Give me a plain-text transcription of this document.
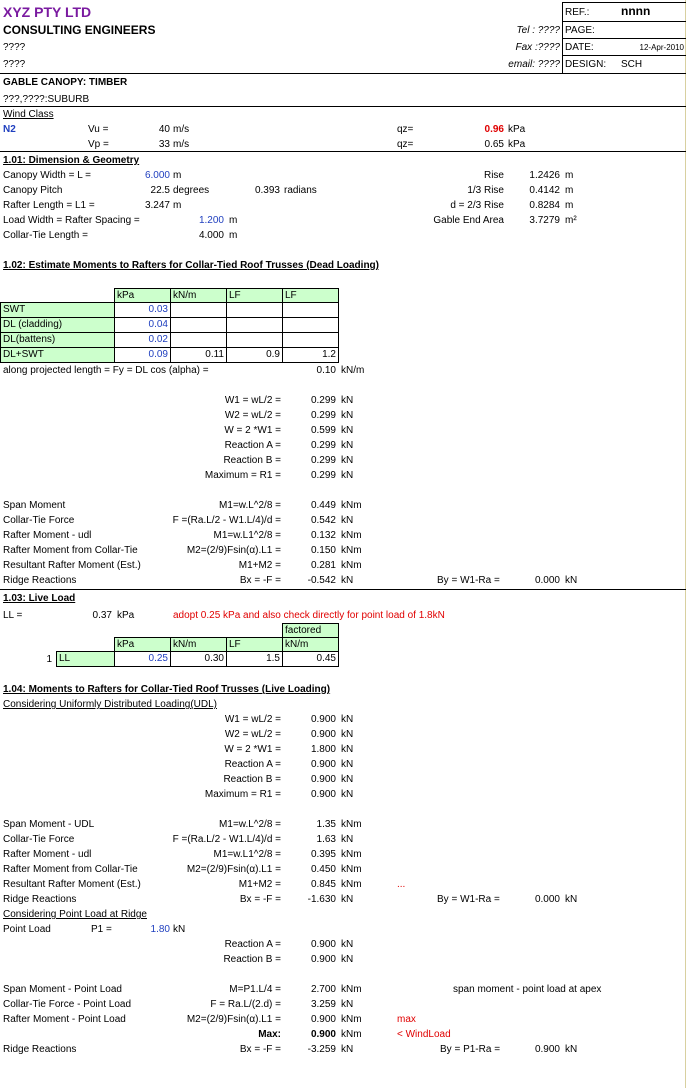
XYZ PTY LTD
CONSULTING ENGINEERS
????
????
Tel : ????
Fax :????
email: ????
REF.:	nnnn
PAGE:
DATE:	12-Apr-2010
DESIGN: SCH
GABLE CANOPY: TIMBER
???,????:SUBURB
Wind Class
N2	Vu =	40 m/s
Vp =	33 m/s
qz=	0.96 kPa
qz=	0.65 kPa
1.01: Dimension & Geometry
Canopy Width = L =	6.000 m
Canopy Pitch	22.5 degrees	0.393 radians
Rafter Length = L1 =	3.247 m
Load Width = Rafter Spacing =	1.200 m
Collar-Tie Length =	4.000 m
Rise	1.2426 m
1/3 Rise	0.4142 m
d = 2/3 Rise	0.8284 m
Gable End Area	3.7279 m²
1.02: Estimate Moments to Rafters for Collar-Tied Roof Trusses (Dead Loading)
kPa	kN/m	LF	LF
SWT	0.03
DL (cladding)	0.04
DL(battens)	0.02
DL+SWT	0.09	0.11	0.9	1.2
along projected length = Fy = DL cos (alpha) =	0.10 kN/m
W1 = wL/2 =	0.299 kN
W2 = wL/2 =	0.299 kN
W = 2 *W1 =	0.599 kN
Reaction A =	0.299 kN
Reaction B =	0.299 kN
Maximum = R1 =	0.299 kN
Span Moment	M1=w.L^2/8 =	0.449 kNm
Collar-Tie Force	F =(Ra.L/2 - W1.L/4)/d =	0.542 kN
Rafter Moment - udl	M1=w.L1^2/8 =	0.132 kNm
Rafter Moment from Collar-Tie	M2=(2/9)Fsin(α).L1 =	0.150 kNm
Resultant Rafter Moment (Est.)	M1+M2 =	0.281 kNm
Ridge Reactions	Bx = -F =	-0.542 kN	By = W1-Ra =	0.000 kN
1.03: Live Load
LL =	0.37 kPa	adopt 0.25 kPa and also check directly for point load of 1.8kN
factored
kPa	kN/m	LF	kN/m
1 LL	0.25	0.30	1.5	0.45
1.04: Moments to Rafters for Collar-Tied Roof Trusses (Live Loading)
Considering Uniformly Distributed Loading(UDL)
W1 = wL/2 =	0.900 kN
W2 = wL/2 =	0.900 kN
W = 2 *W1 =	1.800 kN
Reaction A =	0.900 kN
Reaction B =	0.900 kN
Maximum = R1 =	0.900 kN
Span Moment - UDL	M1=w.L^2/8 =	1.35 kNm
Collar-Tie Force	F =(Ra.L/2 - W1.L/4)/d =	1.63 kN
Rafter Moment - udl	M1=w.L1^2/8 =	0.395 kNm
Rafter Moment from Collar-Tie	M2=(2/9)Fsin(α).L1 =	0.450 kNm
Resultant Rafter Moment (Est.)	M1+M2 =	0.845 kNm	...
Ridge Reactions	Bx = -F =	-1.630 kN	By = W1-Ra =	0.000 kN
Considering Point Load at Ridge
Point Load	P1 =	1.80 kN
Reaction A =	0.900 kN
Reaction B =	0.900 kN
Span Moment - Point Load	M=P1.L/4 =	2.700 kNm	span moment - point load at apex
Collar-Tie Force - Point Load	F = Ra.L/(2.d) =	3.259 kN
Rafter Moment - Point Load	M2=(2/9)Fsin(α).L1 =	0.900 kNm	max
Max:	0.900 kNm	< WindLoad
Ridge Reactions	Bx = -F =	-3.259 kN	By = P1-Ra =	0.900 kN
